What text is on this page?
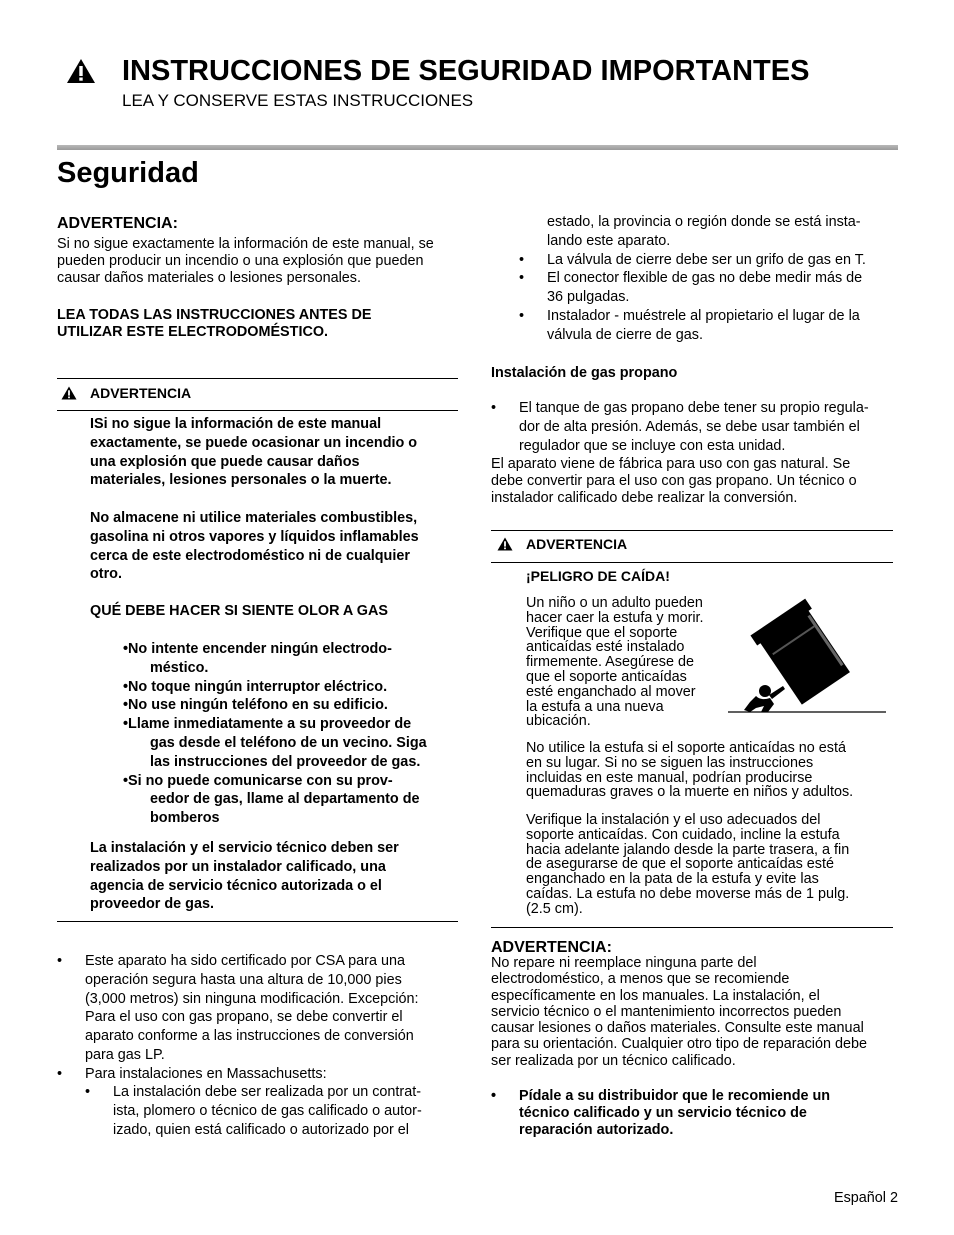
INSTRUCCIONES DE SEGURIDAD IMPORTANTES
LEA Y CONSERVE ESTAS INSTRUCCIONES
Seguridad
ADVERTENCIA:
Si no sigue exactamente la información de este manual, se
pueden producir un incendio o una explosión que pueden
causar daños materiales o lesiones personales.
LEA TODAS LAS INSTRUCCIONES ANTES DE
UTILIZAR ESTE ELECTRODOMÉSTICO.
ADVERTENCIA
ISi no sigue la información de este manual
exactamente, se puede ocasionar un incendio o
una explosión que puede causar daños
materiales, lesiones personales o la muerte.
No almacene ni utilice materiales combustibles,
gasolina ni otros vapores y líquidos inflamables
cerca de este electrodoméstico ni de cualquier
otro.
QUÉ DEBE HACER SI SIENTE OLOR A GAS
•No intente encender ningún electrodo-
méstico.
•No toque ningún interruptor eléctrico.
•No use ningún teléfono en su edificio.
•Llame inmediatamente a su proveedor de
gas desde el teléfono de un vecino. Siga
las instrucciones del proveedor de gas.
•Si no puede comunicarse con su prov-
eedor de gas, llame al departamento de
bomberos
La instalación y el servicio técnico deben ser
realizados por un instalador calificado, una
agencia de servicio técnico autorizada o el
proveedor de gas.
• Este aparato ha sido certificado por CSA para una
operación segura hasta una altura de 10,000 pies
(3,000 metros) sin ninguna modificación. Excepción:
Para el uso con gas propano, se debe convertir el
aparato conforme a las instrucciones de conversión
para gas LP.
• Para instalaciones en Massachusetts:
• La instalación debe ser realizada por un contrat-
ista, plomero o técnico de gas calificado o autor-
izado, quien está calificado o autorizado por el
estado, la provincia o región donde se está insta-
lando este aparato.
• La válvula de cierre debe ser un grifo de gas en T.
• El conector flexible de gas no debe medir más de
36 pulgadas.
• Instalador - muéstrele al propietario el lugar de la
válvula de cierre de gas.
Instalación de gas propano
• El tanque de gas propano debe tener su propio regula-
dor de alta presión. Además, se debe usar también el
regulador que se incluye con esta unidad.
El aparato viene de fábrica para uso con gas natural. Se
debe convertir para el uso con gas propano. Un técnico o
instalador calificado debe realizar la conversión.
ADVERTENCIA
¡PELIGRO DE CAÍDA!
Un niño o un adulto pueden
hacer caer la estufa y morir.
Verifique que el soporte
anticaídas esté instalado
firmemente. Asegúrese de
que el soporte anticaídas
esté enganchado al mover
la estufa a una nueva
ubicación.
No utilice la estufa si el soporte anticaídas no está
en su lugar. Si no se siguen las instrucciones
incluidas en este manual, podrían producirse
quemaduras graves o la muerte en niños y adultos.
Verifique la instalación y el uso adecuados del
soporte anticaídas. Con cuidado, incline la estufa
hacia adelante jalando desde la parte trasera, a fin
de asegurarse de que el soporte anticaídas esté
enganchado en la pata de la estufa y evite las
caídas. La estufa no debe moverse más de 1 pulg.
(2.5 cm).
ADVERTENCIA:
No repare ni reemplace ninguna parte del
electrodoméstico, a menos que se recomiende
específicamente en los manuales. La instalación, el
servicio técnico o el mantenimiento incorrectos pueden
causar lesiones o daños materiales. Consulte este manual
para su orientación. Cualquier otro tipo de reparación debe
ser realizada por un técnico calificado.
• Pídale a su distribuidor que le recomiende un
técnico calificado y un servicio técnico de
reparación autorizado.
Español 2
